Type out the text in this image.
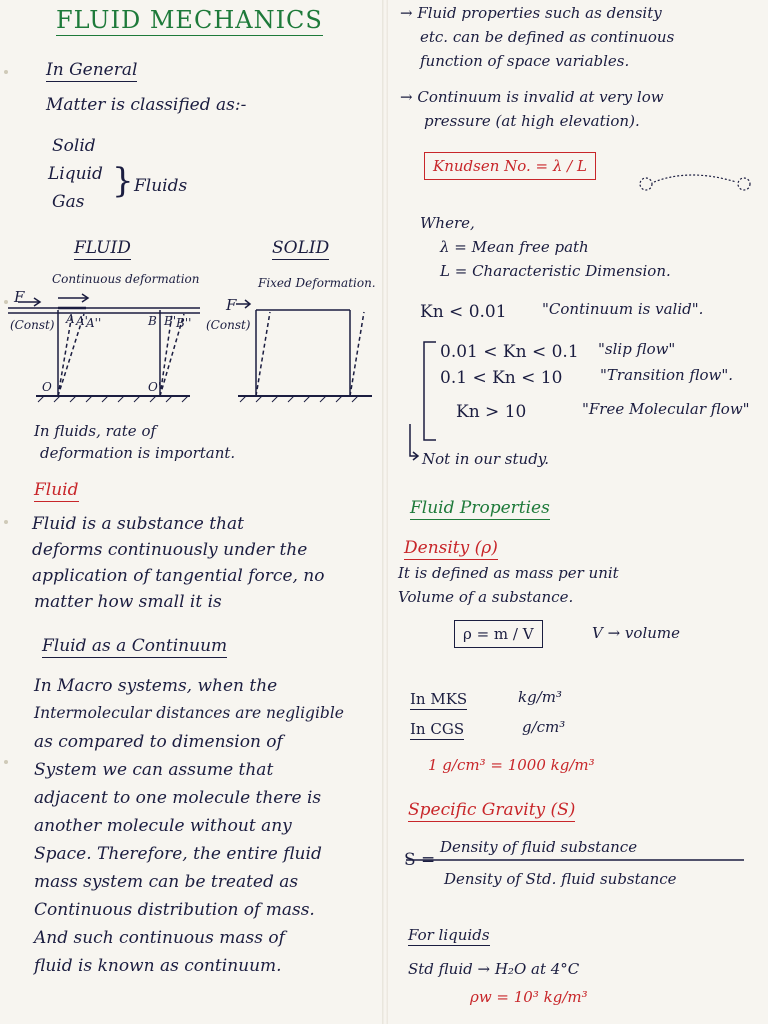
FLUID MECHANICS
In General
Matter is classified as:-
Solid
Liquid
Gas
} Fluids
FLUID	SOLID
Continuous deformation	Fixed Deformation.
F
(Const)
F
(Const)
A A'
A''	B B' B''
O	O'
In fluids, rate of
deformation is important.
Fluid
Fluid is a substance that
deforms continuously under the
application of tangential force, no
matter how small it is
Fluid as a Continuum
In Macro systems, when the
Intermolecular distances are negligible
as compared to dimension of
System we can assume that
adjacent to one molecule there is
another molecule without any
Space. Therefore, the entire fluid
mass system can be treated as
Continuous distribution of mass.
And such continuous mass of
fluid is known as continuum.
→ Fluid properties such as density
etc. can be defined as continuous
function of space variables.
→ Continuum is invalid at very low
pressure (at high elevation).
Knudsen No. = λ / L
Where,
λ = Mean free path
L = Characteristic Dimension.
Kn < 0.01 "Continuum is valid".
0.01 < Kn < 0.1 "slip flow"
0.1 < Kn < 10	"Transition flow".
Kn > 10	"Free Molecular flow"
Not in our study.
Fluid Properties
Density (ρ)
It is defined as mass per unit
Volume of a substance.
ρ = m / V	V → volume
In MKS	kg/m³
In CGS	g/cm³
1 g/cm³ = 1000 kg/m³
Specific Gravity (S)
S =
Density of fluid substance
Density of Std. fluid substance
For liquids
Std fluid → H₂O at 4°C
ρw = 10³ kg/m³
